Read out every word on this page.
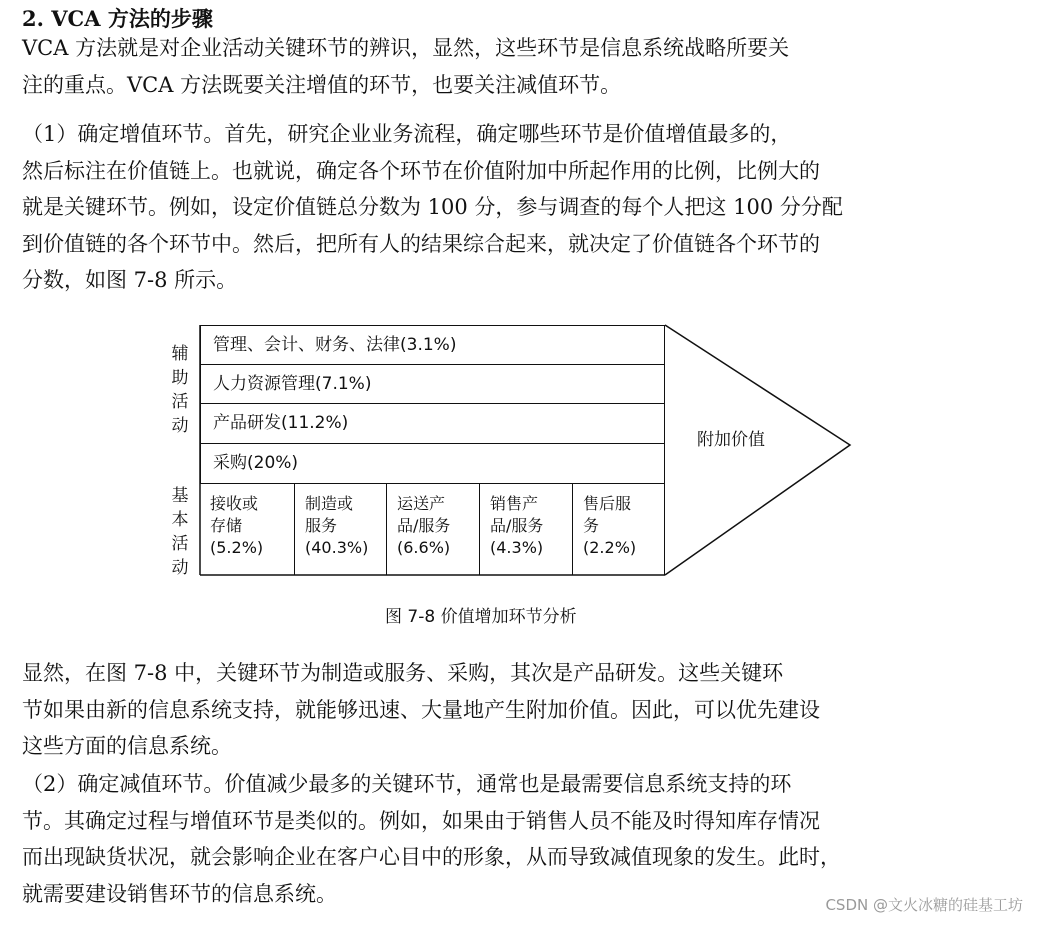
2. VCA 方法的步骤
VCA 方法就是对企业活动关键环节的辨识，显然，这些环节是信息系统战略所要关
注的重点。VCA 方法既要关注增值的环节，也要关注减值环节。
（1）确定增值环节。首先，研究企业业务流程，确定哪些环节是价值增值最多的，
然后标注在价值链上。也就说，确定各个环节在价值附加中所起作用的比例，比例大的
就是关键环节。例如，设定价值链总分数为 100 分，参与调查的每个人把这 100 分分配
到价值链的各个环节中。然后，把所有人的结果综合起来，就决定了价值链各个环节的
分数，如图 7-8 所示。
辅
助
活
动
基
本
活
动
管理、会计、财务、法律(3.1%)
人力资源管理(7.1%)
产品研发(11.2%)
采购(20%)
接收或
存储
(5.2%)
制造或
服务
(40.3%)
运送产
品/服务
(6.6%)
销售产
品/服务
(4.3%)
售后服
务
(2.2%)
附加价值
图 7-8 价值增加环节分析
显然，在图 7-8 中，关键环节为制造或服务、采购，其次是产品研发。这些关键环
节如果由新的信息系统支持，就能够迅速、大量地产生附加价值。因此，可以优先建设
这些方面的信息系统。
（2）确定减值环节。价值减少最多的关键环节，通常也是最需要信息系统支持的环
节。其确定过程与增值环节是类似的。例如，如果由于销售人员不能及时得知库存情况
而出现缺货状况，就会影响企业在客户心目中的形象，从而导致减值现象的发生。此时，
就需要建设销售环节的信息系统。	CSDN @文火冰糖的硅基工坊
